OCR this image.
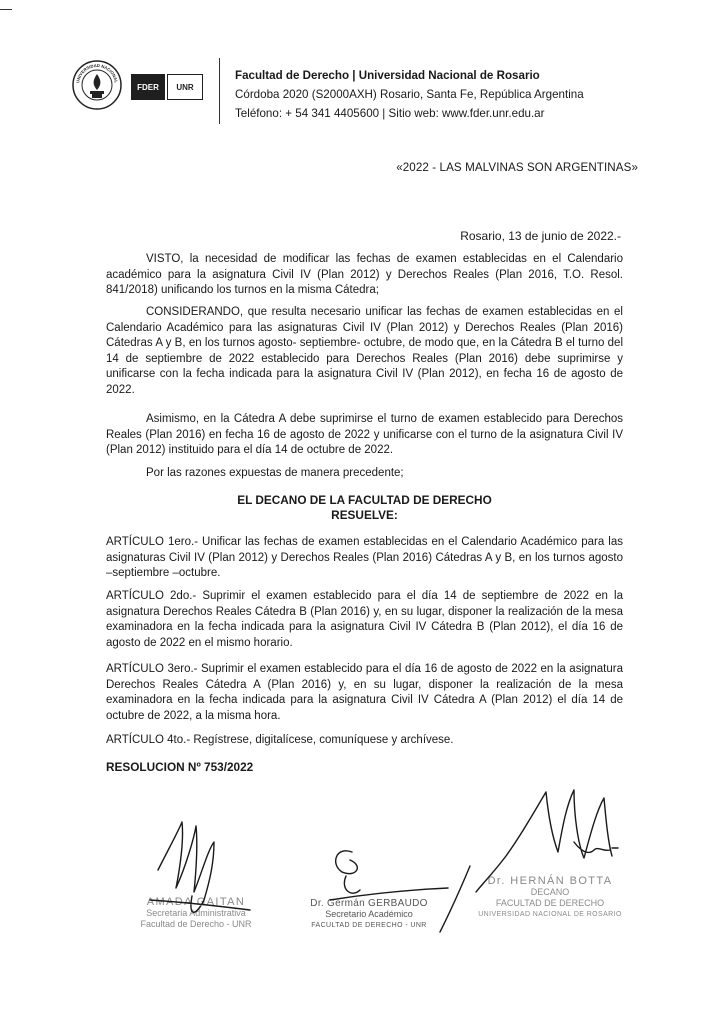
UNIVERSIDAD NACIONAL
FDER	UNR
Facultad de Derecho | Universidad Nacional de Rosario
Córdoba 2020 (S2000AXH) Rosario, Santa Fe, República Argentina
Teléfono: + 54 341 4405600 | Sitio web: www.fder.unr.edu.ar
«2022 - LAS MALVINAS SON ARGENTINAS»
Rosario, 13 de junio de 2022.-

VISTO, la necesidad de modificar las fechas de examen establecidas en el Calendario académico para la asignatura Civil IV (Plan 2012) y Derechos Reales (Plan 2016, T.O. Resol. 841/2018) unificando los turnos en la misma Cátedra;

CONSIDERANDO, que resulta necesario unificar las fechas de examen establecidas en el Calendario Académico para las asignaturas Civil IV (Plan 2012) y Derechos Reales (Plan 2016) Cátedras A y B, en los turnos agosto- septiembre- octubre, de modo que, en la Cátedra B el turno del 14 de septiembre de 2022 establecido para Derechos Reales (Plan 2016) debe suprimirse y unificarse con la fecha indicada para la asignatura Civil IV (Plan 2012), en fecha 16 de agosto de 2022.

Asimismo, en la Cátedra A debe suprimirse el turno de examen establecido para Derechos Reales (Plan 2016) en fecha 16 de agosto de 2022 y unificarse con el turno de la asignatura Civil IV (Plan 2012) instituido para el día 14 de octubre de 2022.

Por las razones expuestas de manera precedente;

EL DECANO DE LA FACULTAD DE DERECHO

RESUELVE:

ARTÍCULO 1ero.- Unificar las fechas de examen establecidas en el Calendario Académico para las asignaturas Civil IV (Plan 2012) y Derechos Reales (Plan 2016) Cátedras A y B, en los turnos agosto –septiembre –octubre.

ARTÍCULO 2do.- Suprimir el examen establecido para el día 14 de septiembre de 2022 en la asignatura Derechos Reales Cátedra B (Plan 2016) y, en su lugar, disponer la realización de la mesa examinadora en la fecha indicada para la asignatura Civil IV Cátedra B (Plan 2012), el día 16 de agosto de 2022 en el mismo horario.

ARTÍCULO 3ero.- Suprimir el examen establecido para el día 16 de agosto de 2022 en la asignatura Derechos Reales Cátedra A (Plan 2016) y, en su lugar, disponer la realización de la mesa examinadora en la fecha indicada para la asignatura Civil IV Cátedra A (Plan 2012) el día 14 de octubre de 2022, a la misma hora.

ARTÍCULO 4to.- Regístrese, digitalícese, comuníquese y archívese.

RESOLUCION Nº 753/2022
AMADA GAITAN
Secretaria Administrativa
Facultad de Derecho - UNR
Dr. Germán GERBAUDO
Secretario Académico
FACULTAD DE DERECHO - UNR
Dr. HERNÁN BOTTA
DECANO
FACULTAD DE DERECHO
UNIVERSIDAD NACIONAL DE ROSARIO
